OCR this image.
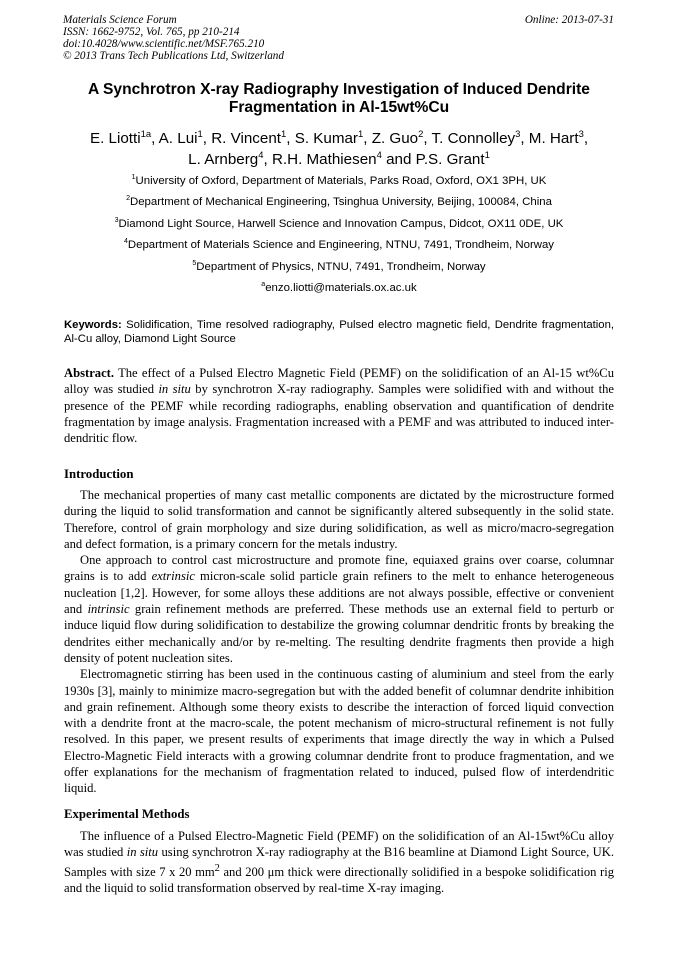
Materials Science Forum
ISSN: 1662-9752, Vol. 765, pp 210-214
doi:10.4028/www.scientific.net/MSF.765.210
© 2013 Trans Tech Publications Ltd, Switzerland
Online: 2013-07-31
A Synchrotron X-ray Radiography Investigation of Induced Dendrite
Fragmentation in Al-15wt%Cu
E. Liotti$^{1a}$, A. Lui$^1$, R. Vincent$^1$, S. Kumar$^1$, Z. Guo$^2$, T. Connolley$^3$, M. Hart$^3$,
L. Arnberg$^4$, R.H. Mathiesen$^4$ and P.S. Grant$^1$
$^1$University of Oxford, Department of Materials, Parks Road, Oxford, OX1 3PH, UK
$^2$Department of Mechanical Engineering, Tsinghua University, Beijing, 100084, China
$^3$Diamond Light Source, Harwell Science and Innovation Campus, Didcot, OX11 0DE, UK
$^4$Department of Materials Science and Engineering, NTNU, 7491, Trondheim, Norway
$^5$Department of Physics, NTNU, 7491, Trondheim, Norway
$^a$enzo.liotti@materials.ox.ac.uk
Keywords: Solidification, Time resolved radiography, Pulsed electro magnetic field, Dendrite fragmentation, Al-Cu alloy, Diamond Light Source
Abstract. The effect of a Pulsed Electro Magnetic Field (PEMF) on the solidification of an Al-15 wt%Cu alloy was studied in situ by synchrotron X-ray radiography. Samples were solidified with and without the presence of the PEMF while recording radiographs, enabling observation and quantification of dendrite fragmentation by image analysis. Fragmentation increased with a PEMF and was attributed to induced inter-dendritic flow.
Introduction

The mechanical properties of many cast metallic components are dictated by the microstructure formed during the liquid to solid transformation and cannot be significantly altered subsequently in the solid state. Therefore, control of grain morphology and size during solidification, as well as micro/macro-segregation and defect formation, is a primary concern for the metals industry.

One approach to control cast microstructure and promote fine, equiaxed grains over coarse, columnar grains is to add extrinsic micron-scale solid particle grain refiners to the melt to enhance heterogeneous nucleation [1,2]. However, for some alloys these additions are not always possible, effective or convenient and intrinsic grain refinement methods are preferred. These methods use an external field to perturb or induce liquid flow during solidification to destabilize the growing columnar dendritic fronts by breaking the dendrites either mechanically and/or by re-melting. The resulting dendrite fragments then provide a high density of potent nucleation sites.

Electromagnetic stirring has been used in the continuous casting of aluminium and steel from the early 1930s [3], mainly to minimize macro-segregation but with the added benefit of columnar dendrite inhibition and grain refinement. Although some theory exists to describe the interaction of forced liquid convection with a dendrite front at the macro-scale, the potent mechanism of micro-structural refinement is not fully resolved. In this paper, we present results of experiments that image directly the way in which a Pulsed Electro-Magnetic Field interacts with a growing columnar dendrite front to produce fragmentation, and we offer explanations for the mechanism of fragmentation related to induced, pulsed flow of interdendritic liquid.

Experimental Methods

The influence of a Pulsed Electro-Magnetic Field (PEMF) on the solidification of an Al-15wt%Cu alloy was studied in situ using synchrotron X-ray radiography at the B16 beamline at Diamond Light Source, UK. Samples with size 7 x 20 $mm^2$ and 200 μm thick were directionally solidified in a bespoke solidification rig and the liquid to solid transformation observed by real-time X-ray imaging.
